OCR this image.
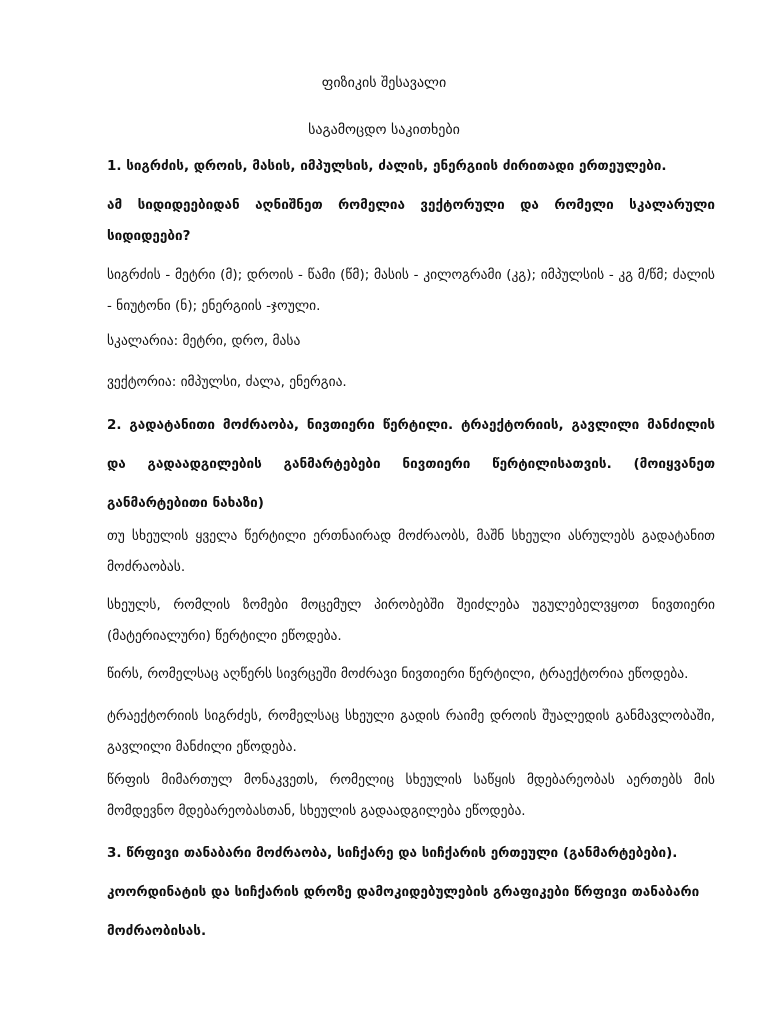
ფიზიკის შესავალი
საგამოცდო საკითხები

1. სიგრძის, დროის, მასის, იმპულსის, ძალის, ენერგიის ძირითადი ერთეულები.

ამ სიდიდეებიდან აღნიშნეთ რომელია ვექტორული და რომელი სკალარული სიდიდეები?

სიგრძის - მეტრი (მ); დროის - წამი (წმ); მასის - კილოგრამი (კგ); იმპულსის - კგ მ/წმ; ძალის - ნიუტონი (ნ); ენერგიის -ჯოული.

სკალარია: მეტრი, დრო, მასა

ვექტორია: იმპულსი, ძალა, ენერგია.

2. გადატანითი მოძრაობა, ნივთიერი წერტილი. ტრაექტორიის, გავლილი მანძილის და გადაადგილების განმარტებები ნივთიერი წერტილისათვის. (მოიყვანეთ განმარტებითი ნახაზი)

თუ სხეულის ყველა წერტილი ერთნაირად მოძრაობს, მაშნ სხეული ასრულებს გადატანით მოძრაობას.

სხეულს, რომლის ზომები მოცემულ პირობებში შეიძლება უგულებელვყოთ ნივთიერი (მატერიალური) წერტილი ეწოდება.

წირს, რომელსაც აღწერს სივრცეში მოძრავი ნივთიერი წერტილი, ტრაექტორია ეწოდება.

ტრაექტორიის სიგრძეს, რომელსაც სხეული გადის რაიმე დროის შუალედის განმავლობაში, გავლილი მანძილი ეწოდება.

წრფის მიმართულ მონაკვეთს, რომელიც სხეულის საწყის მდებარეობას აერთებს მის მომდევნო მდებარეობასთან, სხეულის გადაადგილება ეწოდება.

3. წრფივი თანაბარი მოძრაობა, სიჩქარე და სიჩქარის ერთეული (განმარტებები). კოორდინატის და სიჩქარის დროზე დამოკიდებულების გრაფიკები წრფივი თანაბარი მოძრაობისას.
